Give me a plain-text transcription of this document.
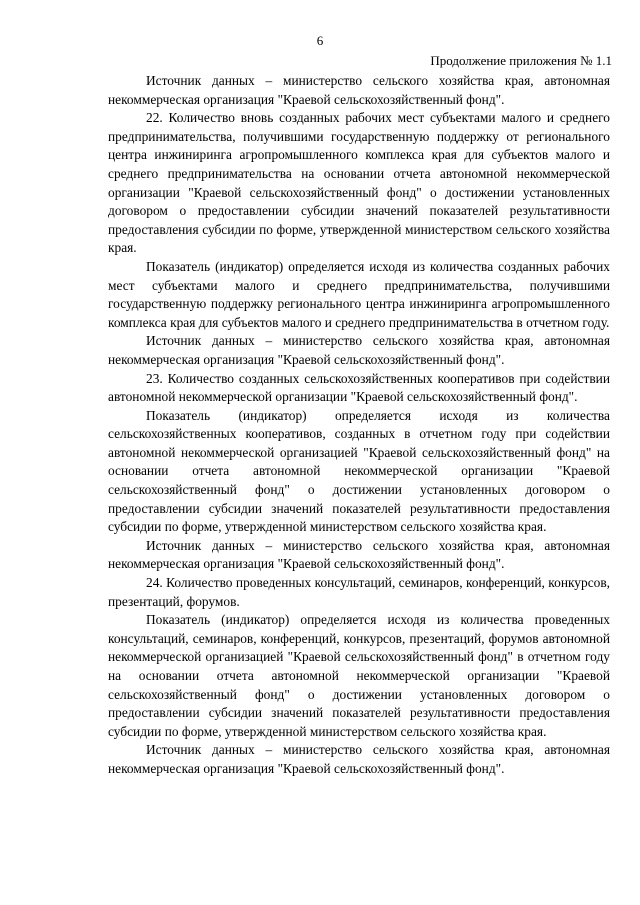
6
Продолжение приложения № 1.1

Источник данных – министерство сельского хозяйства края, автономная некоммерческая организация "Краевой сельскохозяйственный фонд".

22. Количество вновь созданных рабочих мест субъектами малого и среднего предпринимательства, получившими государственную поддержку от регионального центра инжиниринга агропромышленного комплекса края для субъектов малого и среднего предпринимательства на основании отчета автономной некоммерческой организации "Краевой сельскохозяйственный фонд" о достижении установленных договором о предоставлении субсидии значений показателей результативности предоставления субсидии по форме, утвержденной министерством сельского хозяйства края.

Показатель (индикатор) определяется исходя из количества созданных рабочих мест субъектами малого и среднего предпринимательства, получившими государственную поддержку регионального центра инжиниринга агропромышленного комплекса края для субъектов малого и среднего предпринимательства в отчетном году.

Источник данных – министерство сельского хозяйства края, автономная некоммерческая организация "Краевой сельскохозяйственный фонд".

23. Количество созданных сельскохозяйственных кооперативов при содействии автономной некоммерческой организации "Краевой сельскохозяйственный фонд".

Показатель (индикатор) определяется исходя из количества сельскохозяйственных кооперативов, созданных в отчетном году при содействии автономной некоммерческой организацией "Краевой сельскохозяйственный фонд" на основании отчета автономной некоммерческой организации "Краевой сельскохозяйственный фонд" о достижении установленных договором о предоставлении субсидии значений показателей результативности предоставления субсидии по форме, утвержденной министерством сельского хозяйства края.

Источник данных – министерство сельского хозяйства края, автономная некоммерческая организация "Краевой сельскохозяйственный фонд".

24. Количество проведенных консультаций, семинаров, конференций, конкурсов, презентаций, форумов.

Показатель (индикатор) определяется исходя из количества проведенных консультаций, семинаров, конференций, конкурсов, презентаций, форумов автономной некоммерческой организацией "Краевой сельскохозяйственный фонд" в отчетном году на основании отчета автономной некоммерческой организации "Краевой сельскохозяйственный фонд" о достижении установленных договором о предоставлении субсидии значений показателей результативности предоставления субсидии по форме, утвержденной министерством сельского хозяйства края.

Источник данных – министерство сельского хозяйства края, автономная некоммерческая организация "Краевой сельскохозяйственный фонд".
